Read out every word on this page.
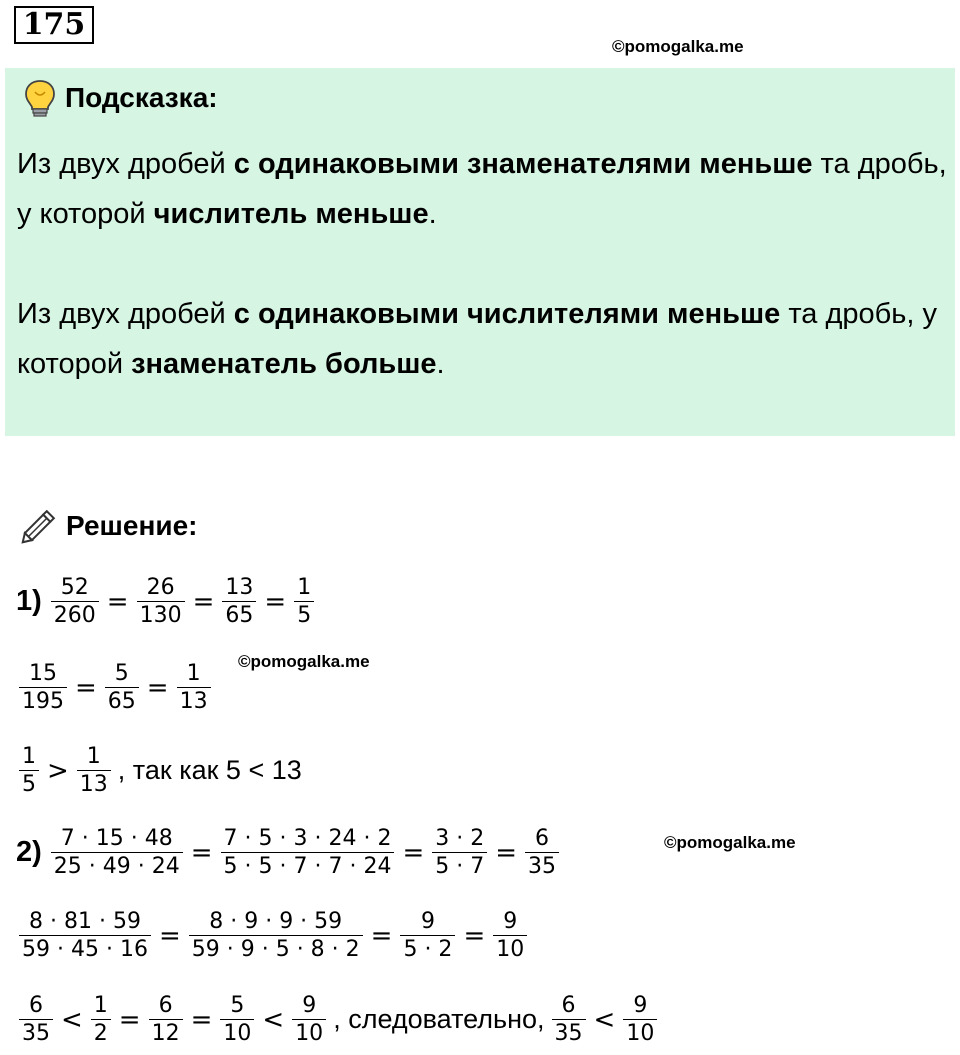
175
©pomogalka.me
Подсказка:

Из двух дробей с одинаковыми знаменателями меньше та дробь, у которой числитель меньше.

Из двух дробей с одинаковыми числителями меньше та дробь, у которой знаменатель больше.

Решение:
$1) \frac{52}{260} = \frac{26}{130} = \frac{13}{65} = \frac{1}{5}$
©pomogalka.me
$\frac{15}{195} = \frac{5}{65} = \frac{1}{13}$
$\frac{1}{5} > \frac{1}{13}$ , так как 5 < 13
$2) \frac{7 \cdot 15 \cdot 48}{25 \cdot 49 \cdot 24} = \frac{7 \cdot 5 \cdot 3 \cdot 24 \cdot 2}{5 \cdot 5 \cdot 7 \cdot 7 \cdot 24} = \frac{3 \cdot 2}{5 \cdot 7} = \frac{6}{35}$	©pomogalka.me
$\frac{8 \cdot 81 \cdot 59}{59 \cdot 45 \cdot 16} = \frac{8 \cdot 9 \cdot 9 \cdot 59}{59 \cdot 9 \cdot 5 \cdot 8 \cdot 2} = \frac{9}{5 \cdot 2} = \frac{9}{10}$
$\frac{6}{35} < \frac{1}{2} = \frac{6}{12} = \frac{5}{10} < \frac{9}{10}$ , следовательно, $\frac{6}{35} < \frac{9}{10}$
